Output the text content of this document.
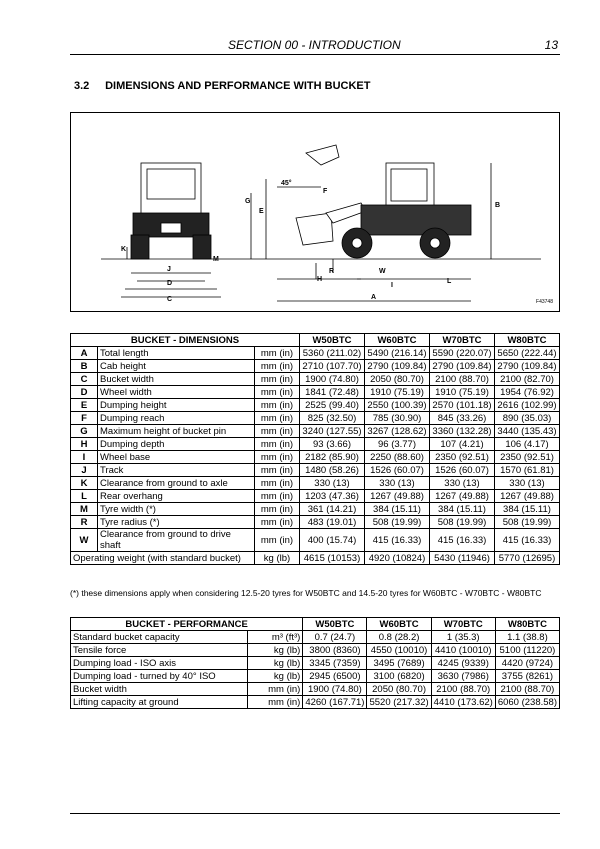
SECTION 00 - INTRODUCTION	13
3.2 DIMENSIONS AND PERFORMANCE WITH BUCKET
45°
F
G
E
B
K
M
J
D
C
R
H
W
I
L
A
F43748
BUCKET - DIMENSIONS			W50BTC	W60BTC	W70BTC	W80BTC
A	Total length	mm (in)	5360 (211.02)	5490 (216.14)	5590 (220.07)	5650 (222.44)
B	Cab height	mm (in)	2710 (107.70)	2790 (109.84)	2790 (109.84)	2790 (109.84)
C	Bucket width	mm (in)	1900 (74.80)	2050 (80.70)	2100 (88.70)	2100 (82.70)
D	Wheel width	mm (in)	1841 (72.48)	1910 (75.19)	1910 (75.19)	1954 (76.92)
E	Dumping height	mm (in)	2525 (99.40)	2550 (100.39)	2570 (101.18)	2616 (102.99)
F	Dumping reach	mm (in)	825 (32.50)	785 (30.90)	845 (33.26)	890 (35.03)
G	Maximum height of bucket pin	mm (in)	3240 (127.55)	3267 (128.62)	3360 (132.28)	3440 (135.43)
H	Dumping depth	mm (in)	93 (3.66)	96 (3.77)	107 (4.21)	106 (4.17)
I	Wheel base	mm (in)	2182 (85.90)	2250 (88.60)	2350 (92.51)	2350 (92.51)
J	Track	mm (in)	1480 (58.26)	1526 (60.07)	1526 (60.07)	1570 (61.81)
K	Clearance from ground to axle	mm (in)	330 (13)	330 (13)	330 (13)	330 (13)
L	Rear overhang	mm (in)	1203 (47.36)	1267 (49.88)	1267 (49.88)	1267 (49.88)
M	Tyre width (*)	mm (in)	361 (14.21)	384 (15.11)	384 (15.11)	384 (15.11)
R	Tyre radius (*)	mm (in)	483 (19.01)	508 (19.99)	508 (19.99)	508 (19.99)
W	Clearance from ground to drive shaft	mm (in)	400 (15.74)	415 (16.33)	415 (16.33)	415 (16.33)
Operating weight (with standard bucket)		kg (lb)	4615 (10153)	4920 (10824)	5430 (11946)	5770 (12695)
(*) these dimensions apply when considering 12.5-20 tyres for W50BTC and 14.5-20 tyres for W60BTC - W70BTC - W80BTC
BUCKET - PERFORMANCE		W50BTC	W60BTC	W70BTC	W80BTC
Standard bucket capacity	m³ (ft³)	0.7 (24.7)	0.8 (28.2)	1 (35.3)	1.1 (38.8)
Tensile force	kg (lb)	3800 (8360)	4550 (10010)	4410 (10010)	5100 (11220)
Dumping load - ISO axis	kg (lb)	3345 (7359)	3495 (7689)	4245 (9339)	4420 (9724)
Dumping load - turned by 40° ISO	kg (lb)	2945 (6500)	3100 (6820)	3630 (7986)	3755 (8261)
Bucket width	mm (in)	1900 (74.80)	2050 (80.70)	2100 (88.70)	2100 (88.70)
Lifting capacity at ground	mm (in)	4260 (167.71)	5520 (217.32)	4410 (173.62)	6060 (238.58)
